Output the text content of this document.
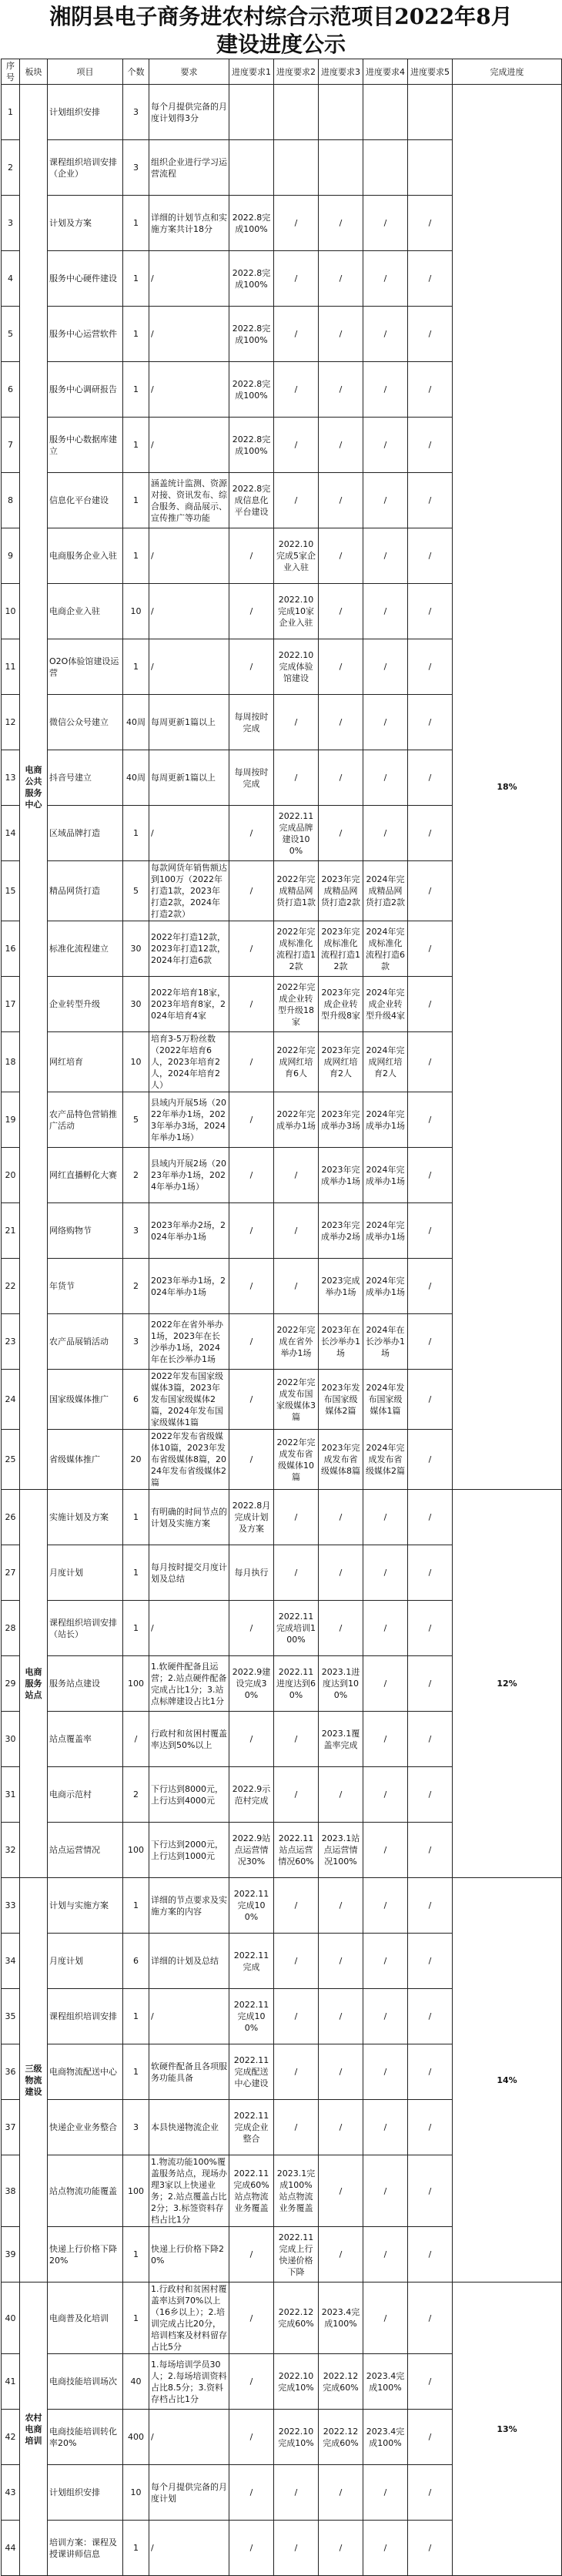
湘阴县电子商务进农村综合示范项目2022年8月
建设进度公示
序号	板块	项目	个数	要求	进度要求1	进度要求2	进度要求3	进度要求4	进度要求5	完成进度
1	电商公共服务中心	计划组织安排	3	每个月提供完备的月度计划得3分						18%
2		课程组织培训安排（企业）	3	组织企业进行学习运营流程						
3		计划及方案	1	详细的计划节点和实施方案共计18分	2022.8完成100%	/	/	/	/	
4		服务中心硬件建设	1	/	2022.8完成100%	/	/	/	/	
5		服务中心运营软件	1	/	2022.8完成100%	/	/	/	/	
6		服务中心调研报告	1	/	2022.8完成100%	/	/	/	/	
7		服务中心数据库建立	1	/	2022.8完成100%	/	/	/	/	
8		信息化平台建设	1	涵盖统计监测、资源对接、资讯发布、综合服务、商品展示、宣传推广等功能	2022.8完成信息化平台建设	/	/	/	/	
9		电商服务企业入驻	1	/	/	2022.10完成5家企业入驻	/	/	/	
10		电商企业入驻	10	/	/	2022.10完成10家企业入驻	/	/	/	
11		O2O体验馆建设运营	1	/	/	2022.10完成体验馆建设	/	/	/	
12		微信公众号建立	40周	每周更新1篇以上	每周按时完成	/	/	/	/	
13		抖音号建立	40周	每周更新1篇以上	每周按时完成	/	/	/	/	
14		区域品牌打造	1	/	/	2022.11完成品牌建设100%	/	/	/	
15		精品网货打造	5	每款网货年销售额达到100万（2022年打造1款，2023年打造2款，2024年打造2款）	/	2022年完成精品网货打造1款	2023年完成精品网货打造2款	2024年完成精品网货打造2款	/	
16		标准化流程建立	30	2022年打造12款，2023年打造12款，2024年打造6款	/	2022年完成标准化流程打造12款	2023年完成标准化流程打造12款	2024年完成标准化流程打造6款	/	
17		企业转型升级	30	2022年培育18家，2023年培育8家，2024年培育4家	/	2022年完成企业转型升级18家	2023年完成企业转型升级8家	2024年完成企业转型升级4家	/	
18		网红培育	10	培育3-5万粉丝数（2022年培育6人，2023年培育2人，2024年培育2人）	/	2022年完成网红培育6人	2023年完成网红培育2人	2024年完成网红培育2人	/	
19		农产品特色营销推广活动	5	县域内开展5场（2022年举办1场，2023年举办3场，2024年举办1场）	/	2022年完成举办1场	2023年完成举办3场	2024年完成举办1场	/	
20		网红直播孵化大赛	2	县域内开展2场（2023年举办1场，2024年举办1场）	/	/	2023年完成举办1场	2024年完成举办1场	/	
21		网络购物节	3	2023年举办2场，2024年举办1场	/	/	2023年完成举办2场	2024年完成举办1场	/	
22		年货节	2	2023年举办1场，2024年举办1场	/	/	2023完成举办1场	2024年完成举办1场	/	
23		农产品展销活动	3	2022年在省外举办1场，2023年在长沙举办1场，2024年在长沙举办1场	/	2022年完成在省外举办1场	2023年在长沙举办1场	2024年在长沙举办1场	/	
24		国家级媒体推广	6	2022年发布国家级媒体3篇，2023年发布国家级媒体2篇，2024年发布国家级媒体1篇	/	2022年完成发布国家级媒体3篇	2023年发布国家级媒体2篇	2024年发布国家级媒体1篇	/	
25		省级媒体推广	20	2022年发布省级媒体10篇，2023年发布省级媒体8篇，2024年发布省级媒体2篇	/	2022年完成发布省级媒体10篇	2023年完成发布省级媒体8篇	2024年完成发布省级媒体2篇	/	
26	电商服务站点	实施计划及方案	1	有明确的时间节点的计划及实施方案	2022.8月完成计划及方案	/	/	/	/	12%
27		月度计划	1	每月按时提交月度计划及总结	每月执行	/	/	/	/	
28		课程组织培训安排（站长）	1	/	/	2022.11完成培训100%	/	/	/	
29		服务站点建设	100	1.软硬件配备且运营；2.站点硬件配备完成占比1分；3.站点标牌建设占比1分	2022.9建设完成30%	2022.11进度达到60%	2023.1进度达到100%	/	/	
30		站点覆盖率	/	行政村和贫困村覆盖率达到50%以上	/	/	2023.1覆盖率完成	/	/	
31		电商示范村	2	下行达到8000元，上行达到4000元	2022.9示范村完成	/	/	/	/	
32		站点运营情况	100	下行达到2000元，上行达到1000元	2022.9站点运营情况30%	2022.11站点运营情况60%	2023.1站点运营情况100%	/	/	
33	三级物流建设	计划与实施方案	1	详细的节点要求及实施方案的内容	2022.11完成100%	/	/	/	/	14%
34		月度计划	6	详细的计划及总结	2022.11完成	/	/	/	/	
35		课程组织培训安排	1	/	2022.11完成100%	/	/	/	/	
36		电商物流配送中心	1	软硬件配备且各项服务功能具备	2022.11完成配送中心建设	/	/	/	/	
37		快递企业业务整合	3	本县快递物流企业	2022.11完成企业整合	/	/	/	/	
38		站点物流功能覆盖	100	1.物流功能100%覆盖服务站点，现场办理3家以上快递业务；2.站点覆盖占比2分；3.标签资料存档占比1分	2022.11完成60%站点物流业务覆盖	2023.1完成100%站点物流业务覆盖	/	/	/	
39		快递上行价格下降20%	1	快递上行价格下降20%	/	2022.11完成上行快递价格下降	/	/	/	
40	农村电商培训	电商普及化培训	1	1.行政村和贫困村覆盖率达到70%以上（16乡以上）；2.培训完成占比20分，培训档案及材料留存占比5分	/	2022.12完成60%	2023.4完成100%	/	/	13%
41		电商技能培训场次	40	1.每场培训学员30人；2.每场培训资料占比8.5分；3.资料存档占比1分	/	2022.10完成10%	2022.12完成60%	2023.4完成100%	/	
42		电商技能培训转化率20%	400	/	/	2022.10完成10%	2022.12完成60%	2023.4完成100%	/	
43		计划组织安排	10	每个月提供完备的月度计划	/	/	/	/	/	
44		培训方案：课程及授课讲师信息	1	/	/	/	/	/	/	
